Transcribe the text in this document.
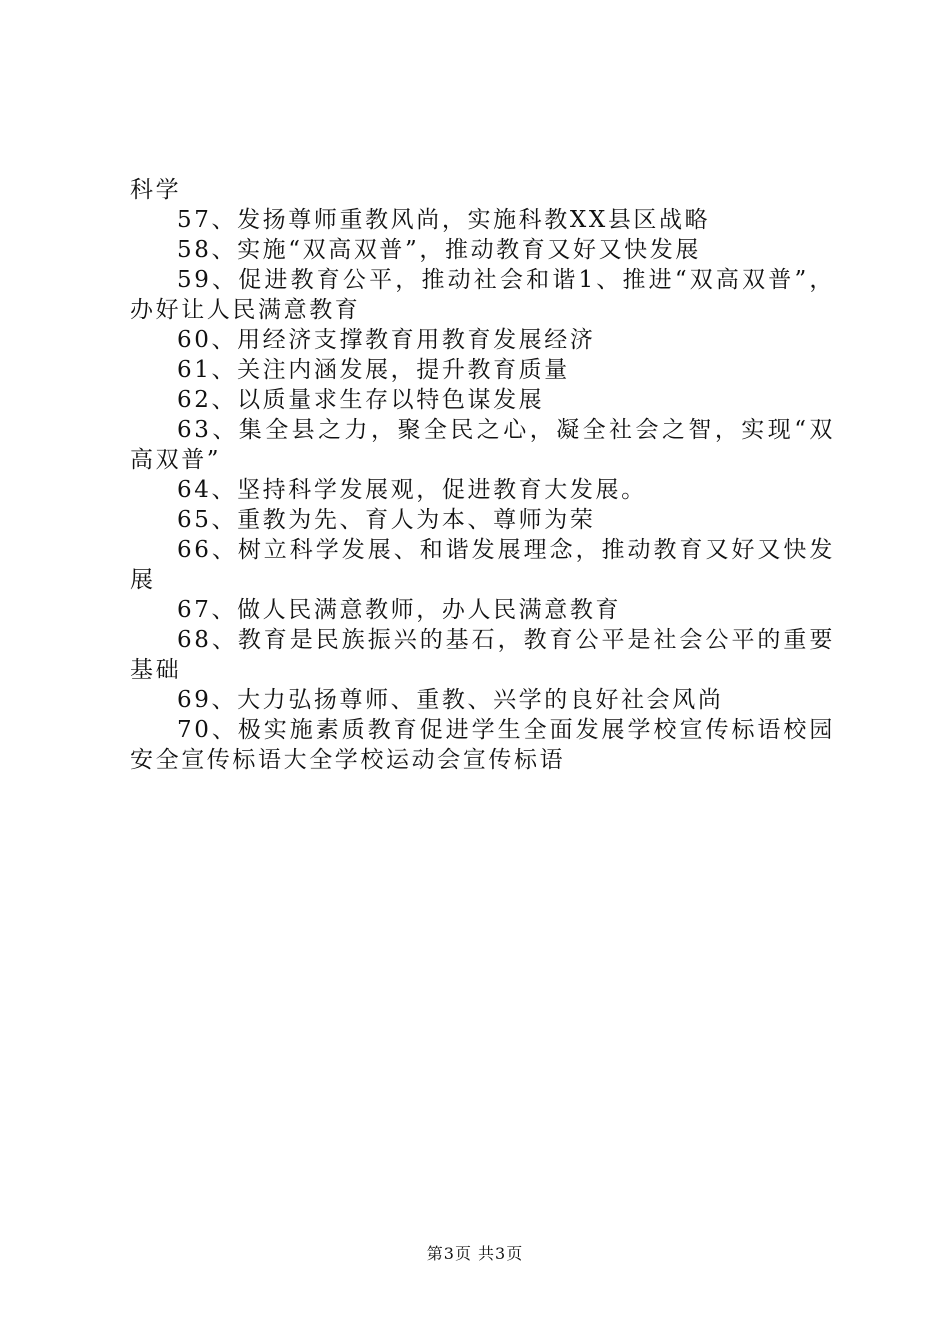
科学

57、发扬尊师重教风尚，实施科教XX县区战略

58、实施“双高双普”，推动教育又好又快发展

59、促进教育公平，推动社会和谐1、推进“双高双普”，办好让人民满意教育

60、用经济支撑教育用教育发展经济

61、关注内涵发展，提升教育质量

62、以质量求生存以特色谋发展

63、集全县之力，聚全民之心，凝全社会之智，实现“双高双普”

64、坚持科学发展观，促进教育大发展。

65、重教为先、育人为本、尊师为荣

66、树立科学发展、和谐发展理念，推动教育又好又快发展

67、做人民满意教师，办人民满意教育

68、教育是民族振兴的基石，教育公平是社会公平的重要基础

69、大力弘扬尊师、重教、兴学的良好社会风尚

70、极实施素质教育促进学生全面发展学校宣传标语校园安全宣传标语大全学校运动会宣传标语

第3页 共3页
